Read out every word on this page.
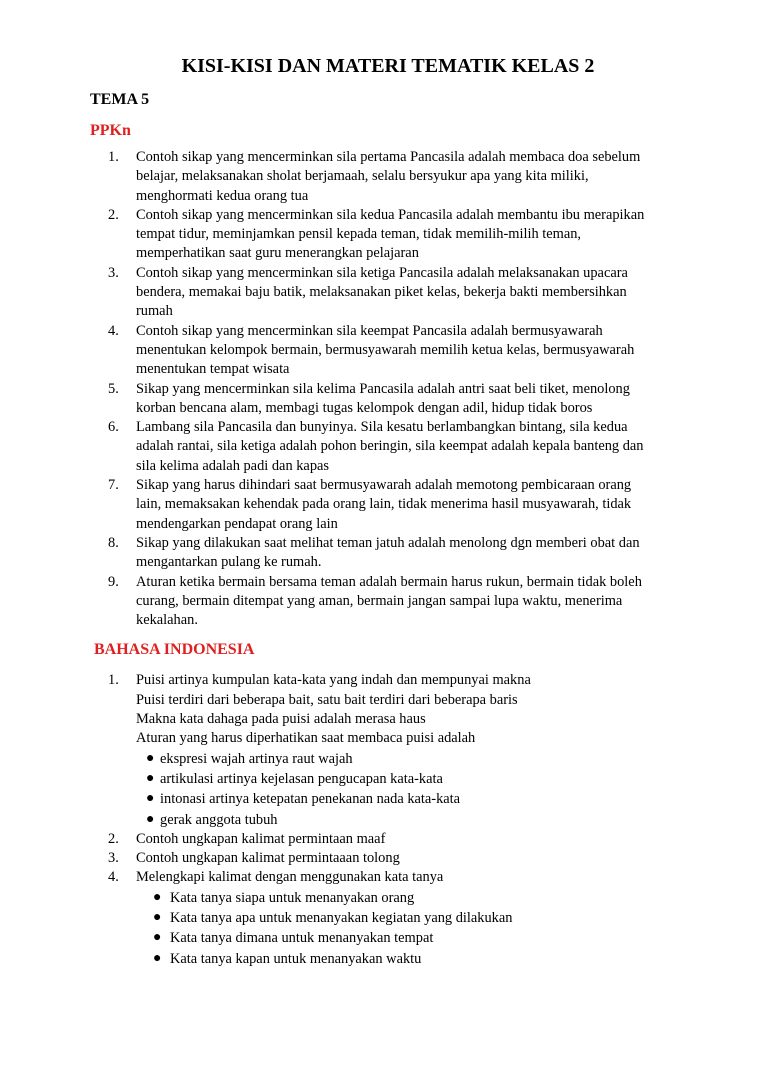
KISI-KISI DAN MATERI TEMATIK KELAS 2
TEMA 5
PPKn
1. Contoh sikap yang mencerminkan sila pertama Pancasila adalah membaca doa sebelum
belajar, melaksanakan sholat berjamaah, selalu bersyukur apa yang kita miliki,
menghormati kedua orang tua
2. Contoh sikap yang mencerminkan sila kedua Pancasila adalah membantu ibu merapikan
tempat tidur, meminjamkan pensil kepada teman, tidak memilih-milih teman,
memperhatikan saat guru menerangkan pelajaran
3. Contoh sikap yang mencerminkan sila ketiga Pancasila adalah melaksanakan upacara
bendera, memakai baju batik, melaksanakan piket kelas, bekerja bakti membersihkan
rumah
4. Contoh sikap yang mencerminkan sila keempat Pancasila adalah bermusyawarah
menentukan kelompok bermain, bermusyawarah memilih ketua kelas, bermusyawarah
menentukan tempat wisata
5. Sikap yang mencerminkan sila kelima Pancasila adalah antri saat beli tiket, menolong
korban bencana alam, membagi tugas kelompok dengan adil, hidup tidak boros
6. Lambang sila Pancasila dan bunyinya. Sila kesatu berlambangkan bintang, sila kedua
adalah rantai, sila ketiga adalah pohon beringin, sila keempat adalah kepala banteng dan
sila kelima adalah padi dan kapas
7. Sikap yang harus dihindari saat bermusyawarah adalah memotong pembicaraan orang
lain, memaksakan kehendak pada orang lain, tidak menerima hasil musyawarah, tidak
mendengarkan pendapat orang lain
8. Sikap yang dilakukan saat melihat teman jatuh adalah menolong dgn memberi obat dan
mengantarkan pulang ke rumah.
9. Aturan ketika bermain bersama teman adalah bermain harus rukun, bermain tidak boleh
curang, bermain ditempat yang aman, bermain jangan sampai lupa waktu, menerima
kekalahan.
BAHASA INDONESIA
1. Puisi artinya kumpulan kata-kata yang indah dan mempunyai makna
Puisi terdiri dari beberapa bait, satu bait terdiri dari beberapa baris
Makna kata dahaga pada puisi adalah merasa haus
Aturan yang harus diperhatikan saat membaca puisi adalah
● ekspresi wajah artinya raut wajah
● artikulasi artinya kejelasan pengucapan kata-kata
● intonasi artinya ketepatan penekanan nada kata-kata
● gerak anggota tubuh
2. Contoh ungkapan kalimat permintaan maaf
3. Contoh ungkapan kalimat permintaaan tolong
4. Melengkapi kalimat dengan menggunakan kata tanya
● Kata tanya siapa untuk menanyakan orang
● Kata tanya apa untuk menanyakan kegiatan yang dilakukan
● Kata tanya dimana untuk menanyakan tempat
● Kata tanya kapan untuk menanyakan waktu
